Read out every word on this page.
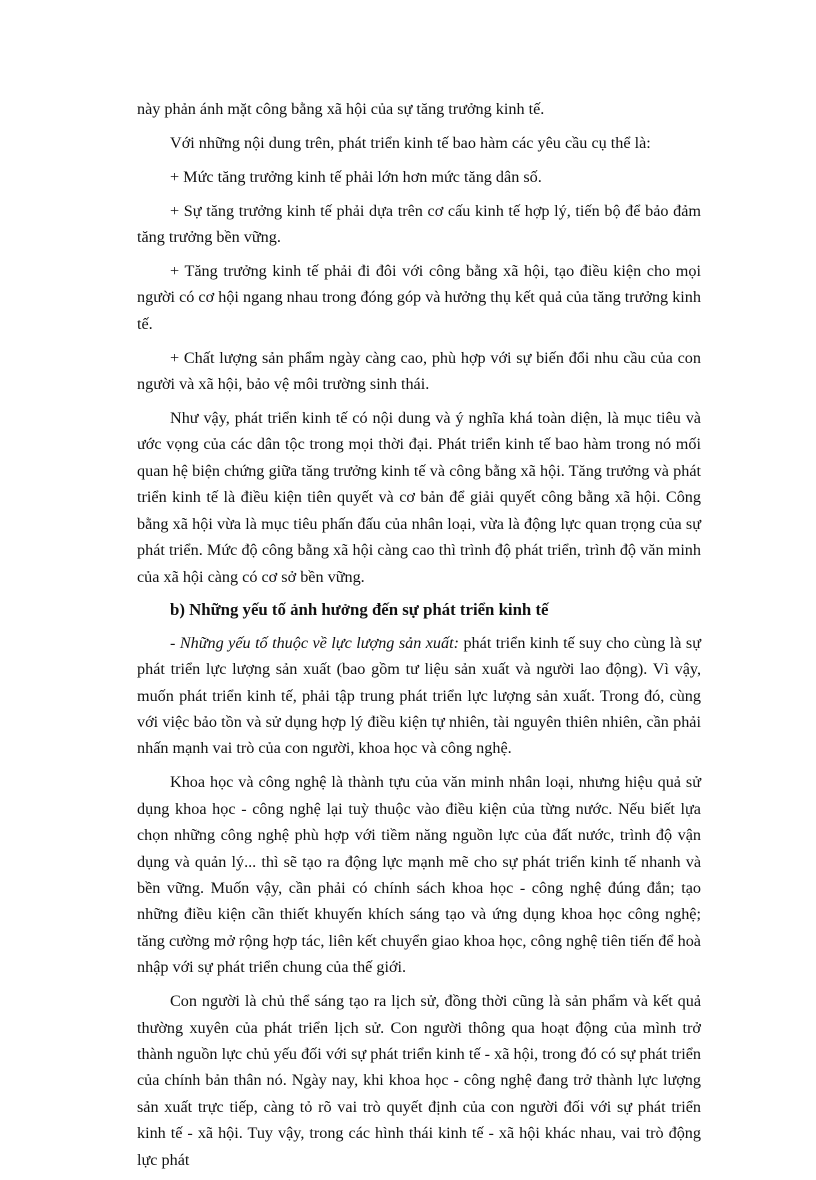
này phản ánh mặt công bằng xã hội của sự tăng trưởng kinh tế.

Với những nội dung trên, phát triển kinh tế bao hàm các yêu cầu cụ thể là:

+ Mức tăng trưởng kinh tế phải lớn hơn mức tăng dân số.

+ Sự tăng trưởng kinh tế phải dựa trên cơ cấu kinh tế hợp lý, tiến bộ để bảo đảm tăng trưởng bền vững.

+ Tăng trưởng kinh tế phải đi đôi với công bằng xã hội, tạo điều kiện cho mọi người có cơ hội ngang nhau trong đóng góp và hưởng thụ kết quả của tăng trưởng kinh tế.

+ Chất lượng sản phẩm ngày càng cao, phù hợp với sự biến đổi nhu cầu của con người và xã hội, bảo vệ môi trường sinh thái.

Như vậy, phát triển kinh tế có nội dung và ý nghĩa khá toàn diện, là mục tiêu và ước vọng của các dân tộc trong mọi thời đại. Phát triển kinh tế bao hàm trong nó mối quan hệ biện chứng giữa tăng trưởng kinh tế và công bằng xã hội. Tăng trưởng và phát triển kinh tế là điều kiện tiên quyết và cơ bản để giải quyết công bằng xã hội. Công bằng xã hội vừa là mục tiêu phấn đấu của nhân loại, vừa là động lực quan trọng của sự phát triển. Mức độ công bằng xã hội càng cao thì trình độ phát triển, trình độ văn minh của xã hội càng có cơ sở bền vững.

b) Những yếu tố ảnh hưởng đến sự phát triển kinh tế

- Những yếu tố thuộc về lực lượng sản xuất: phát triển kinh tế suy cho cùng là sự phát triển lực lượng sản xuất (bao gồm tư liệu sản xuất và người lao động). Vì vậy, muốn phát triển kinh tế, phải tập trung phát triển lực lượng sản xuất. Trong đó, cùng với việc bảo tồn và sử dụng hợp lý điều kiện tự nhiên, tài nguyên thiên nhiên, cần phải nhấn mạnh vai trò của con người, khoa học và công nghệ.

Khoa học và công nghệ là thành tựu của văn minh nhân loại, nhưng hiệu quả sử dụng khoa học - công nghệ lại tuỳ thuộc vào điều kiện của từng nước. Nếu biết lựa chọn những công nghệ phù hợp với tiềm năng nguồn lực của đất nước, trình độ vận dụng và quản lý... thì sẽ tạo ra động lực mạnh mẽ cho sự phát triển kinh tế nhanh và bền vững. Muốn vậy, cần phải có chính sách khoa học - công nghệ đúng đắn; tạo những điều kiện cần thiết khuyến khích sáng tạo và ứng dụng khoa học công nghệ; tăng cường mở rộng hợp tác, liên kết chuyển giao khoa học, công nghệ tiên tiến để hoà nhập với sự phát triển chung của thế giới.

Con người là chủ thể sáng tạo ra lịch sử, đồng thời cũng là sản phẩm và kết quả thường xuyên của phát triển lịch sử. Con người thông qua hoạt động của mình trở thành nguồn lực chủ yếu đối với sự phát triển kinh tế - xã hội, trong đó có sự phát triển của chính bản thân nó. Ngày nay, khi khoa học - công nghệ đang trở thành lực lượng sản xuất trực tiếp, càng tỏ rõ vai trò quyết định của con người đối với sự phát triển kinh tế - xã hội. Tuy vậy, trong các hình thái kinh tế - xã hội khác nhau, vai trò động lực phát
